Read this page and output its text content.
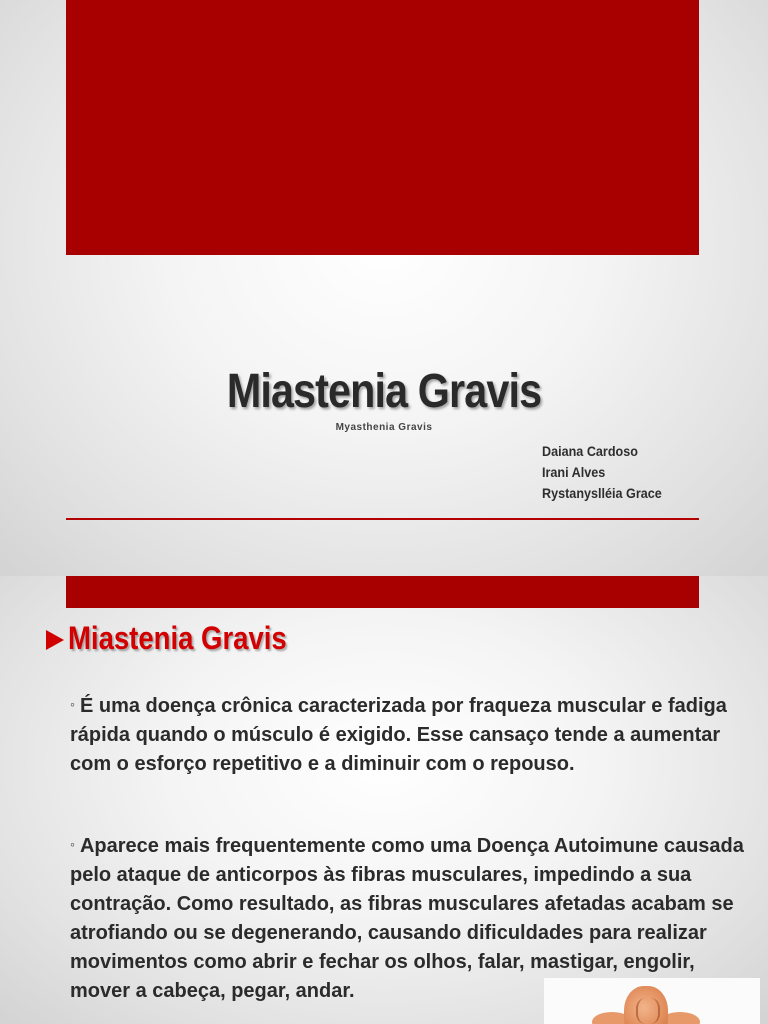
Miastenia Gravis
Myasthenia Gravis
Daiana Cardoso
Irani Alves
Rystanyslléia Grace
Miastenia Gravis
◦ É uma doença crônica caracterizada por fraqueza muscular e fadiga rápida quando o músculo é exigido. Esse cansaço tende a aumentar com o esforço repetitivo e a diminuir com o repouso.
◦ Aparece mais frequentemente como uma Doença Autoimune causada pelo ataque de anticorpos às fibras musculares, impedindo a sua contração. Como resultado, as fibras musculares afetadas acabam se atrofiando ou se degenerando, causando dificuldades para realizar movimentos como abrir e fechar os olhos, falar, mastigar, engolir, mover a cabeça, pegar, andar.
